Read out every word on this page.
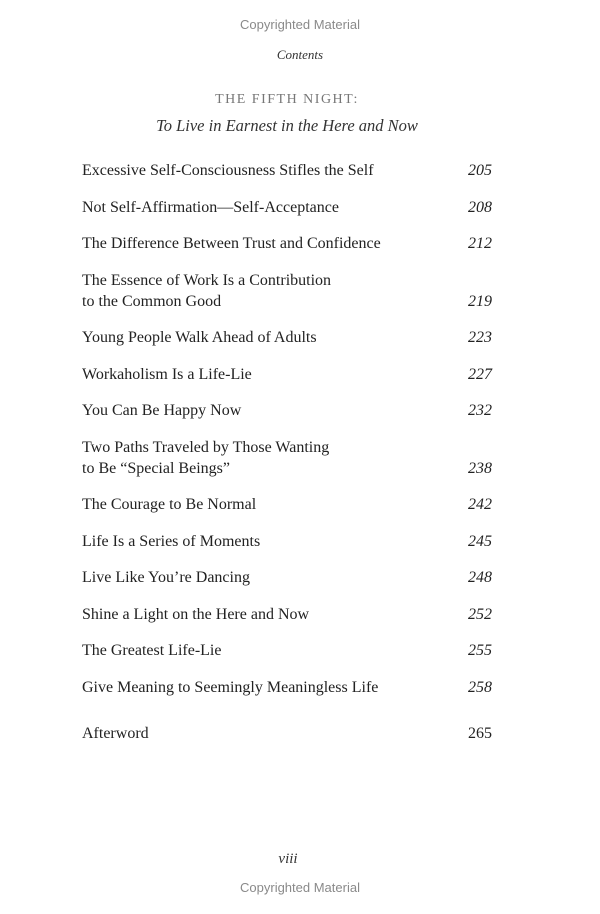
Copyrighted Material
Contents
THE FIFTH NIGHT:
To Live in Earnest in the Here and Now
Excessive Self-Consciousness Stifles the Self	205
Not Self-Affirmation—Self-Acceptance	208
The Difference Between Trust and Confidence	212
The Essence of Work Is a Contribution
to the Common Good	219
Young People Walk Ahead of Adults	223
Workaholism Is a Life-Lie	227
You Can Be Happy Now	232
Two Paths Traveled by Those Wanting
to Be “Special Beings”	238
The Courage to Be Normal	242
Life Is a Series of Moments	245
Live Like You’re Dancing	248
Shine a Light on the Here and Now	252
The Greatest Life-Lie	255
Give Meaning to Seemingly Meaningless Life	258
Afterword	265
viii
Copyrighted Material
